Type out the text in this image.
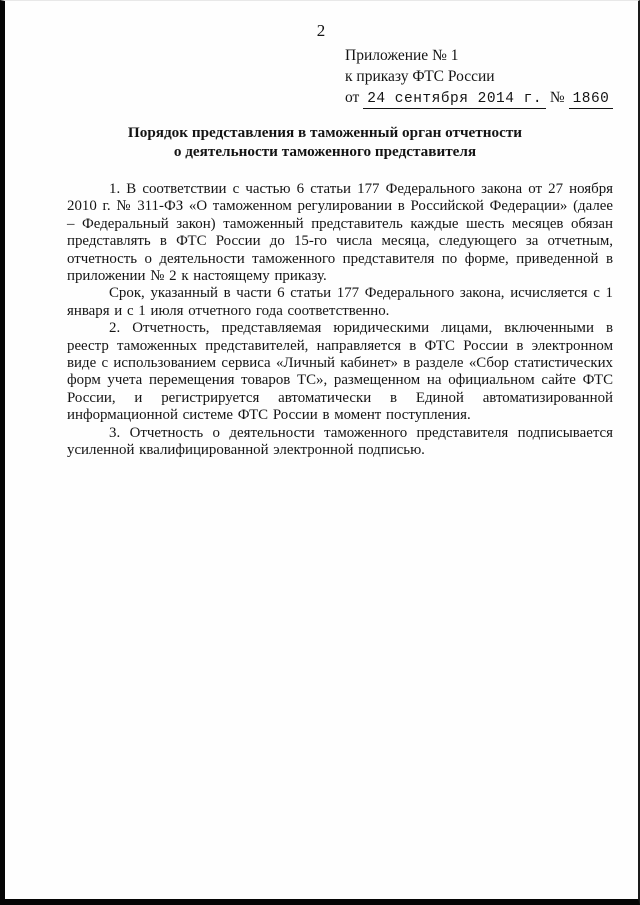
2
Приложение № 1
к приказу ФТС России
от 24 сентября 2014 г. № 1860
Порядок представления в таможенный орган отчетности
о деятельности таможенного представителя

1. В соответствии с частью 6 статьи 177 Федерального закона от 27 ноября 2010 г. № 311-ФЗ «О таможенном регулировании в Российской Федерации» (далее – Федеральный закон) таможенный представитель каждые шесть месяцев обязан представлять в ФТС России до 15-го числа месяца, следующего за отчетным, отчетность о деятельности таможенного представителя по форме, приведенной в приложении № 2 к настоящему приказу.

Срок, указанный в части 6 статьи 177 Федерального закона, исчисляется с 1 января и с 1 июля отчетного года соответственно.

2. Отчетность, представляемая юридическими лицами, включенными в реестр таможенных представителей, направляется в ФТС России в электронном виде с использованием сервиса «Личный кабинет» в разделе «Сбор статистических форм учета перемещения товаров ТС», размещенном на официальном сайте ФТС России, и регистрируется автоматически в Единой автоматизированной информационной системе ФТС России в момент поступления.

3. Отчетность о деятельности таможенного представителя подписывается усиленной квалифицированной электронной подписью.
